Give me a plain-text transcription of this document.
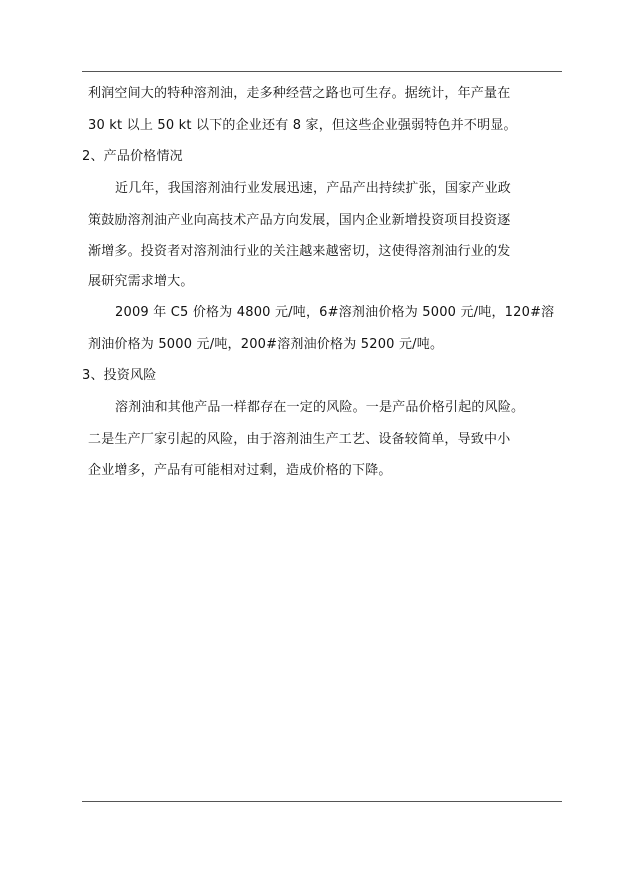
利润空间大的特种溶剂油，走多种经营之路也可生存。据统计，年产量在
30 kt 以上 50 kt 以下的企业还有 8 家，但这些企业强弱特色并不明显。
2、产品价格情况
近几年，我国溶剂油行业发展迅速，产品产出持续扩张，国家产业政
策鼓励溶剂油产业向高技术产品方向发展，国内企业新增投资项目投资逐
渐增多。投资者对溶剂油行业的关注越来越密切，这使得溶剂油行业的发
展研究需求增大。
2009 年 C5 价格为 4800 元/吨，6#溶剂油价格为 5000 元/吨，120#溶
剂油价格为 5000 元/吨，200#溶剂油价格为 5200 元/吨。
3、投资风险
溶剂油和其他产品一样都存在一定的风险。一是产品价格引起的风险。
二是生产厂家引起的风险，由于溶剂油生产工艺、设备较简单，导致中小
企业增多，产品有可能相对过剩，造成价格的下降。
